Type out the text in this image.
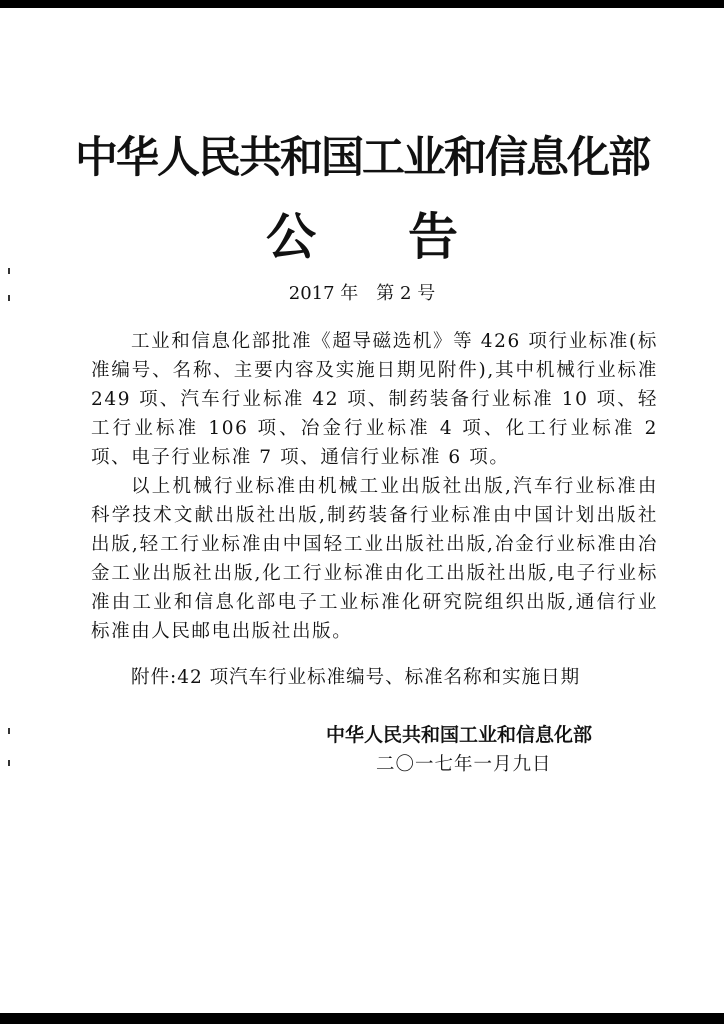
中华人民共和国工业和信息化部
公告
2017 年　第 2 号

工业和信息化部批准《超导磁选机》等 426 项行业标准(标准编号、名称、主要内容及实施日期见附件),其中机械行业标准 249 项、汽车行业标准 42 项、制药装备行业标准 10 项、轻工行业标准 106 项、冶金行业标准 4 项、化工行业标准 2 项、电子行业标准 7 项、通信行业标准 6 项。

以上机械行业标准由机械工业出版社出版,汽车行业标准由科学技术文献出版社出版,制药装备行业标准由中国计划出版社出版,轻工行业标准由中国轻工业出版社出版,冶金行业标准由冶金工业出版社出版,化工行业标准由化工出版社出版,电子行业标准由工业和信息化部电子工业标准化研究院组织出版,通信行业标准由人民邮电出版社出版。

附件:42 项汽车行业标准编号、标准名称和实施日期
中华人民共和国工业和信息化部
二〇一七年一月九日
